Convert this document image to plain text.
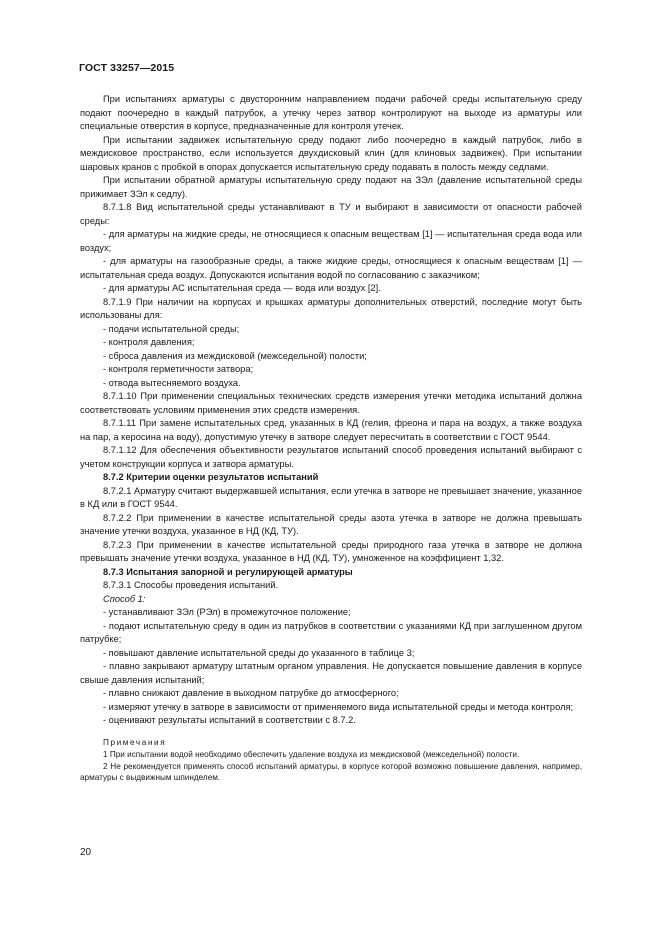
ГОСТ 33257—2015

При испытаниях арматуры с двусторонним направлением подачи рабочей среды испытательную среду подают поочередно в каждый патрубок, а утечку через затвор контролируют на выходе из арматуры или специальные отверстия в корпусе, предназначенные для контроля утечек.

При испытании задвижек испытательную среду подают либо поочередно в каждый патрубок, либо в междисковое пространство, если используется двухдисковый клин (для клиновых задвижек). При испытании шаровых кранов с пробкой в опорах допускается испытательную среду подавать в полость между седлами.

При испытании обратной арматуры испытательную среду подают на ЗЭл (давление испытательной среды прижимает ЗЭл к седлу).

8.7.1.8 Вид испытательной среды устанавливают в ТУ и выбирают в зависимости от опасности рабочей среды:

- для арматуры на жидкие среды, не относящиеся к опасным веществам [1] — испытательная среда вода или воздух;

- для арматуры на газообразные среды, а также жидкие среды, относящиеся к опасным веществам [1] — испытательная среда воздух. Допускаются испытания водой по согласованию с заказчиком;

- для арматуры АС испытательная среда — вода или воздух [2].

8.7.1.9 При наличии на корпусах и крышках арматуры дополнительных отверстий, последние могут быть использованы для:

- подачи испытательной среды;

- контроля давления;

- сброса давления из междисковой (межседельной) полости;

- контроля герметичности затвора;

- отвода вытесняемого воздуха.

8.7.1.10 При применении специальных технических средств измерения утечки методика испытаний должна соответствовать условиям применения этих средств измерения.

8.7.1.11 При замене испытательных сред, указанных в КД (гелия, фреона и пара на воздух, а также воздуха на пар, а керосина на воду), допустимую утечку в затворе следует пересчитать в соответствии с ГОСТ 9544.

8.7.1.12 Для обеспечения объективности результатов испытаний способ проведения испытаний выбирают с учетом конструкции корпуса и затвора арматуры.

8.7.2 Критерии оценки результатов испытаний

8.7.2.1 Арматуру считают выдержавшей испытания, если утечка в затворе не превышает значение, указанное в КД или в ГОСТ 9544.

8.7.2.2 При применении в качестве испытательной среды азота утечка в затворе не должна превышать значение утечки воздуха, указанное в НД (КД, ТУ).

8.7.2.3 При применении в качестве испытательной среды природного газа утечка в затворе не должна превышать значение утечки воздуха, указанное в НД (КД, ТУ), умноженное на коэффициент 1,32.

8.7.3 Испытания запорной и регулирующей арматуры

8.7.3.1 Способы проведения испытаний.

Способ 1:

- устанавливают ЗЭл (РЭл) в промежуточное положение;

- подают испытательную среду в один из патрубков в соответствии с указаниями КД при заглушенном другом патрубке;

- повышают давление испытательной среды до указанного в таблице 3;

- плавно закрывают арматуру штатным органом управления. Не допускается повышение давления в корпусе свыше давления испытаний;

- плавно снижают давление в выходном патрубке до атмосферного;

- измеряют утечку в затворе в зависимости от применяемого вида испытательной среды и метода контроля;

- оценивают результаты испытаний в соответствии с 8.7.2.

Примечания

1 При испытании водой необходимо обеспечить удаление воздуха из междисковой (межседельной) полости.

2 Не рекомендуется применять способ испытаний арматуры, в корпусе которой возможно повышение давления, например, арматуры с выдвижным шпинделем.

20
